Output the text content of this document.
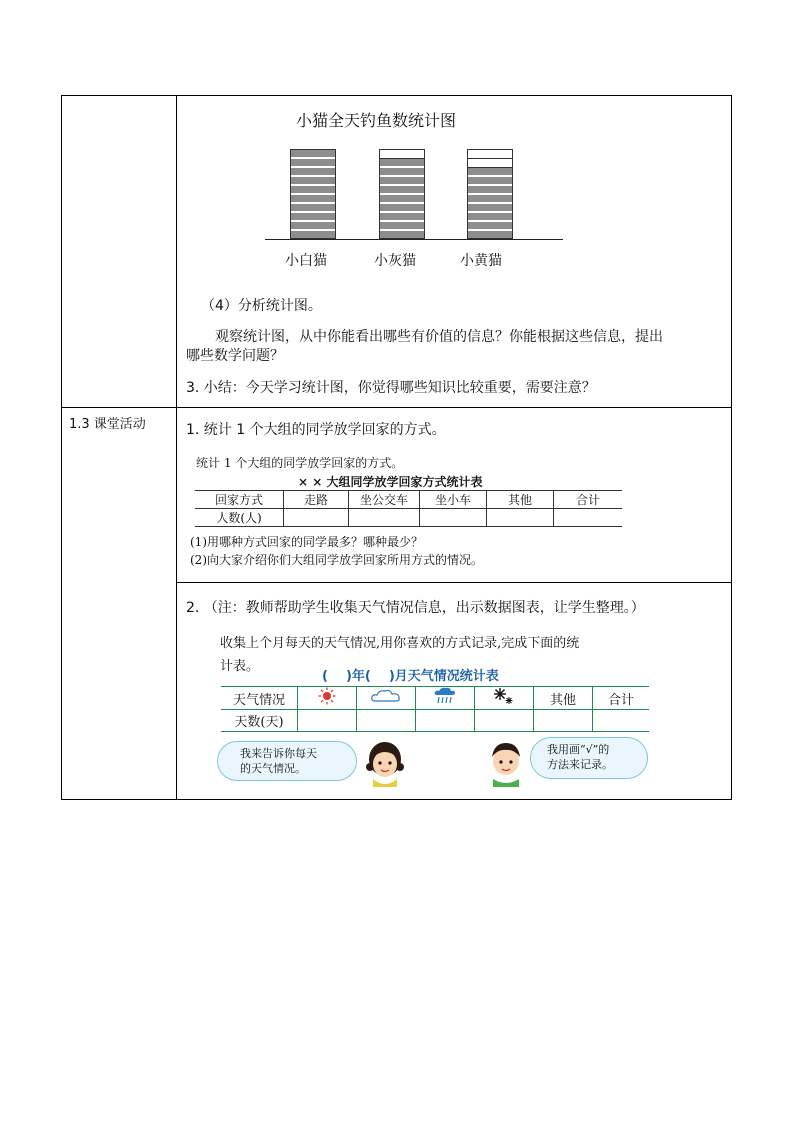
小猫全天钓鱼数统计图
小白猫	小灰猫	小黄猫
（4）分析统计图。
观察统计图，从中你能看出哪些有价值的信息？你能根据这些信息，提出
哪些数学问题？
3. 小结：今天学习统计图，你觉得哪些知识比较重要，需要注意？
1.3 课堂活动	1. 统计 1 个大组的同学放学回家的方式。
统计 1 个大组的同学放学回家的方式。
× × 大组同学放学回家方式统计表
回家方式	走路	坐公交车	坐小车	其他	合计
人数(人)					
(1)用哪种方式回家的同学最多？哪种最少？
(2)向大家介绍你们大组同学放学回家所用方式的情况。
2. （注：教师帮助学生收集天气情况信息，出示数据图表，让学生整理。）
收集上个月每天的天气情况,用你喜欢的方式记录,完成下面的统
计表。
( )年( )月天气情况统计表
天气情况					其他	合计
天数(天)						
我来告诉你每天
的天气情况。
我用画“√”的
方法来记录。
